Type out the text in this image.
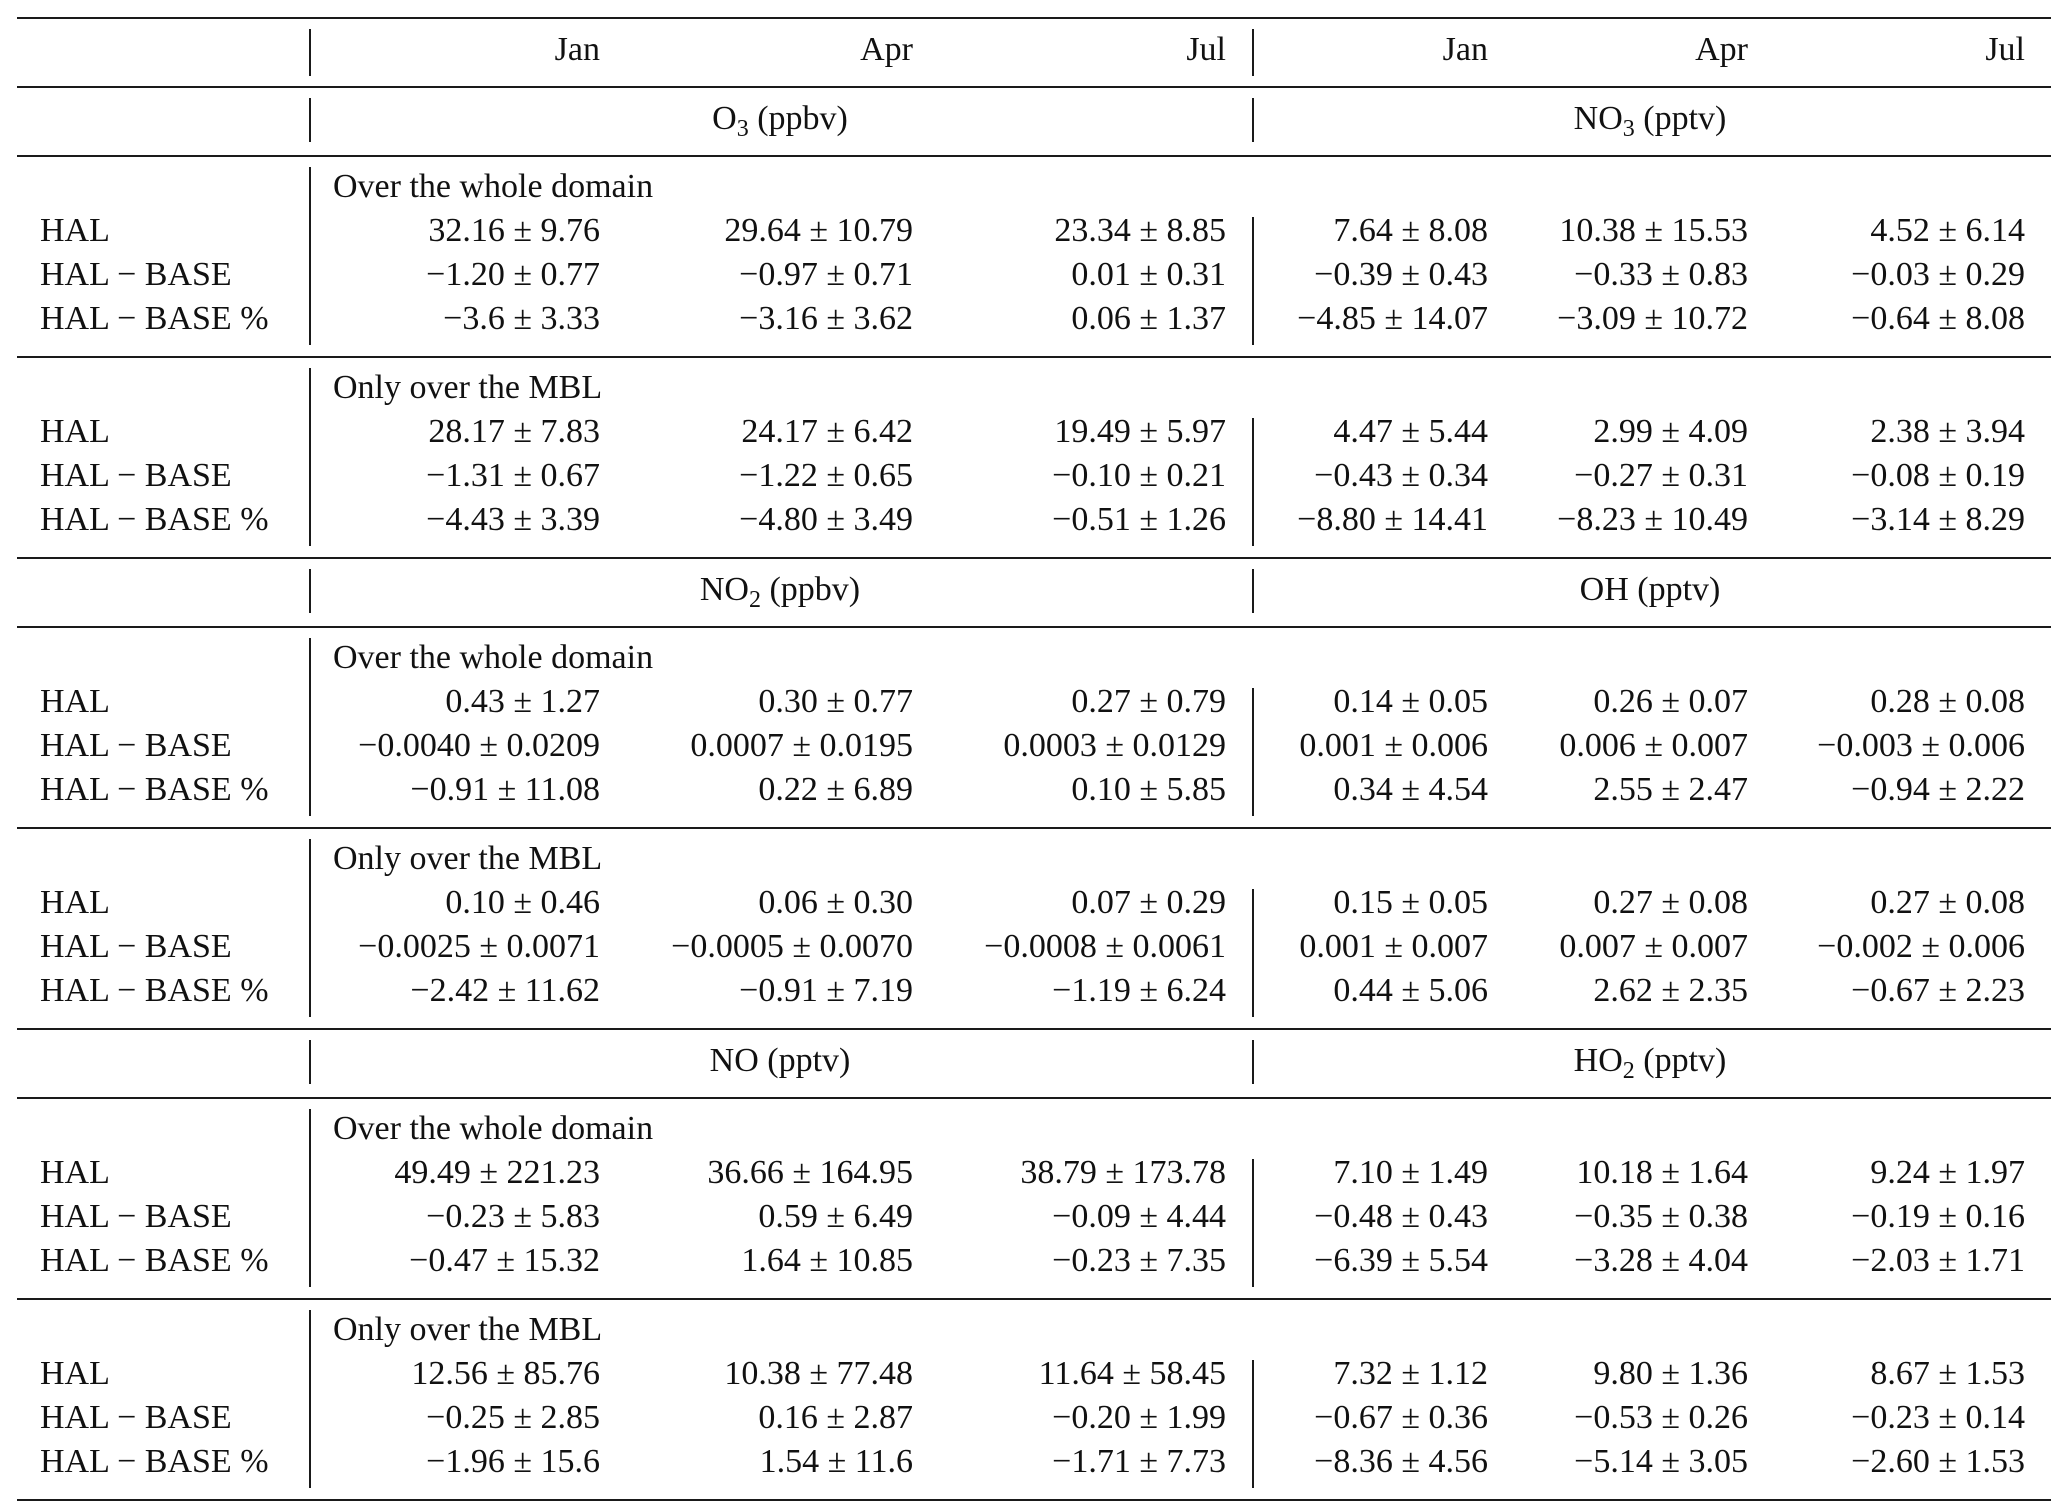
Jan	Apr	Jul	Jan	Apr	Jul
$O_3$ (ppbv)	$NO_3$ (pptv)
Over the whole domain
HAL	32.16 ± 9.76	29.64 ± 10.79	23.34 ± 8.85	7.64 ± 8.08	10.38 ± 15.53	4.52 ± 6.14
HAL − BASE	−1.20 ± 0.77	−0.97 ± 0.71	0.01 ± 0.31	−0.39 ± 0.43	−0.33 ± 0.83	−0.03 ± 0.29
HAL − BASE %	−3.6 ± 3.33	−3.16 ± 3.62	0.06 ± 1.37	−4.85 ± 14.07	−3.09 ± 10.72	−0.64 ± 8.08
Only over the MBL
HAL	28.17 ± 7.83	24.17 ± 6.42	19.49 ± 5.97	4.47 ± 5.44	2.99 ± 4.09	2.38 ± 3.94
HAL − BASE	−1.31 ± 0.67	−1.22 ± 0.65	−0.10 ± 0.21	−0.43 ± 0.34	−0.27 ± 0.31	−0.08 ± 0.19
HAL − BASE %	−4.43 ± 3.39	−4.80 ± 3.49	−0.51 ± 1.26	−8.80 ± 14.41	−8.23 ± 10.49	−3.14 ± 8.29
$NO_2$ (ppbv)	OH (pptv)
Over the whole domain
HAL	0.43 ± 1.27	0.30 ± 0.77	0.27 ± 0.79	0.14 ± 0.05	0.26 ± 0.07	0.28 ± 0.08
HAL − BASE	−0.0040 ± 0.0209	0.0007 ± 0.0195	0.0003 ± 0.0129	0.001 ± 0.006	0.006 ± 0.007	−0.003 ± 0.006
HAL − BASE %	−0.91 ± 11.08	0.22 ± 6.89	0.10 ± 5.85	0.34 ± 4.54	2.55 ± 2.47	−0.94 ± 2.22
Only over the MBL
HAL	0.10 ± 0.46	0.06 ± 0.30	0.07 ± 0.29	0.15 ± 0.05	0.27 ± 0.08	0.27 ± 0.08
HAL − BASE	−0.0025 ± 0.0071	−0.0005 ± 0.0070	−0.0008 ± 0.0061	0.001 ± 0.007	0.007 ± 0.007	−0.002 ± 0.006
HAL − BASE %	−2.42 ± 11.62	−0.91 ± 7.19	−1.19 ± 6.24	0.44 ± 5.06	2.62 ± 2.35	−0.67 ± 2.23
NO (pptv)	$HO_2$ (pptv)
Over the whole domain
HAL	49.49 ± 221.23	36.66 ± 164.95	38.79 ± 173.78	7.10 ± 1.49	10.18 ± 1.64	9.24 ± 1.97
HAL − BASE	−0.23 ± 5.83	0.59 ± 6.49	−0.09 ± 4.44	−0.48 ± 0.43	−0.35 ± 0.38	−0.19 ± 0.16
HAL − BASE %	−0.47 ± 15.32	1.64 ± 10.85	−0.23 ± 7.35	−6.39 ± 5.54	−3.28 ± 4.04	−2.03 ± 1.71
Only over the MBL
HAL	12.56 ± 85.76	10.38 ± 77.48	11.64 ± 58.45	7.32 ± 1.12	9.80 ± 1.36	8.67 ± 1.53
HAL − BASE	−0.25 ± 2.85	0.16 ± 2.87	−0.20 ± 1.99	−0.67 ± 0.36	−0.53 ± 0.26	−0.23 ± 0.14
HAL − BASE %	−1.96 ± 15.6	1.54 ± 11.6	−1.71 ± 7.73	−8.36 ± 4.56	−5.14 ± 3.05	−2.60 ± 1.53
